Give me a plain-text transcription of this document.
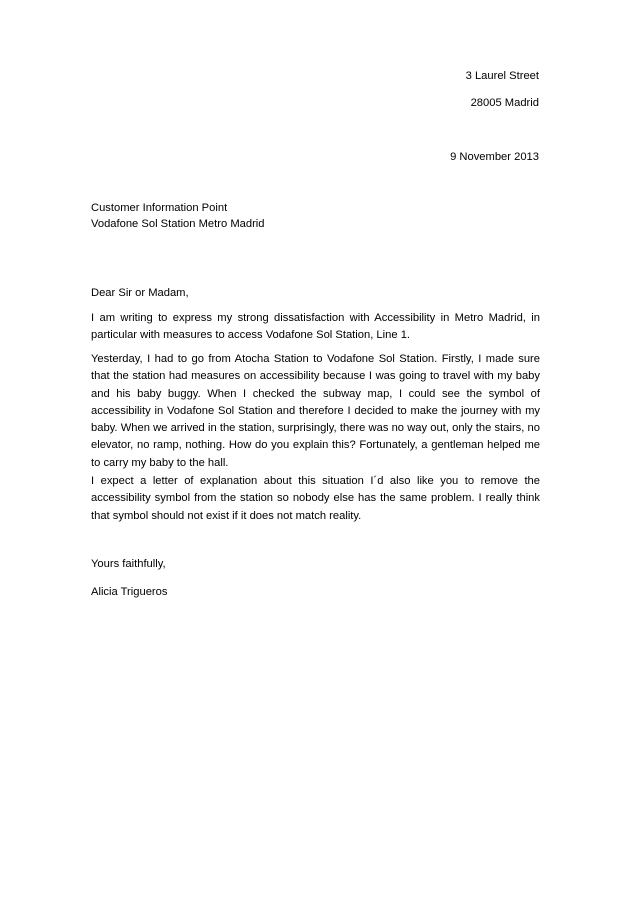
3 Laurel Street
28005 Madrid
9 November 2013
Customer Information Point
Vodafone Sol Station Metro Madrid
Dear Sir or Madam,
I am writing to express my strong dissatisfaction with Accessibility in Metro Madrid, in particular with measures to access Vodafone Sol Station, Line 1.
Yesterday, I had to go from Atocha Station to Vodafone Sol Station. Firstly, I made sure that the station had measures on accessibility because I was going to travel with my baby and his baby buggy. When I checked the subway map, I could see the symbol of accessibility in Vodafone Sol Station and therefore I decided to make the journey with my baby. When we arrived in the station, surprisingly, there was no way out, only the stairs, no elevator, no ramp, nothing. How do you explain this? Fortunately, a gentleman helped me to carry my baby to the hall.
I expect a letter of explanation about this situation I´d also like you to remove the accessibility symbol from the station so nobody else has the same problem. I really think that symbol should not exist if it does not match reality.
Yours faithfully,
Alicia Trigueros
